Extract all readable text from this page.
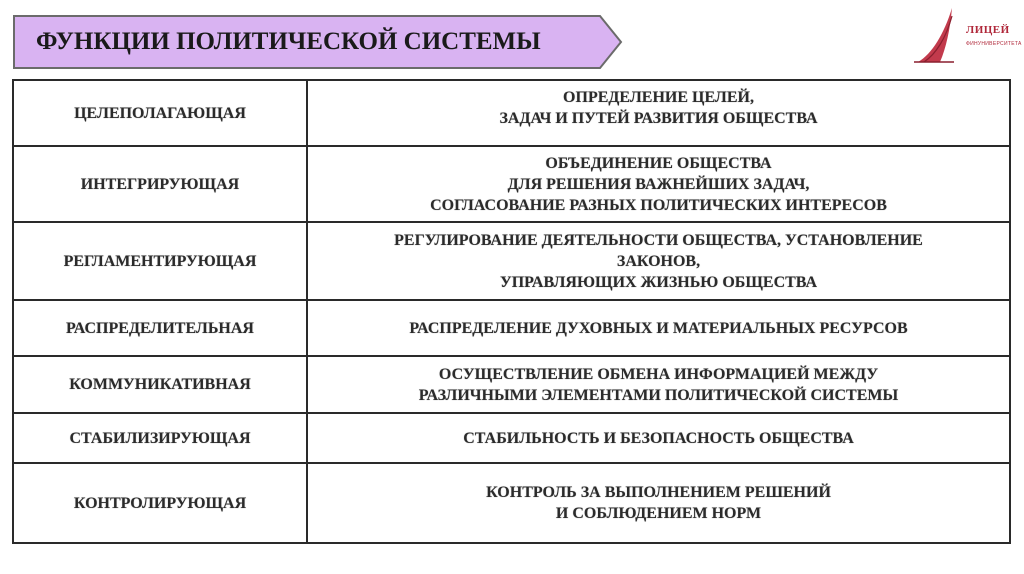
ФУНКЦИИ ПОЛИТИЧЕСКОЙ СИСТЕМЫ	ЛИЦЕЙ
ФИНУНИВЕРСИТЕТА
ЦЕЛЕПОЛАГАЮЩАЯ	ОПРЕДЕЛЕНИЕ ЦЕЛЕЙ,
ЗАДАЧ И ПУТЕЙ РАЗВИТИЯ ОБЩЕСТВА
ИНТЕГРИРУЮЩАЯ	ОБЪЕДИНЕНИЕ ОБЩЕСТВА
ДЛЯ РЕШЕНИЯ ВАЖНЕЙШИХ ЗАДАЧ,
СОГЛАСОВАНИЕ РАЗНЫХ ПОЛИТИЧЕСКИХ ИНТЕРЕСОВ
РЕГЛАМЕНТИРУЮЩАЯ	РЕГУЛИРОВАНИЕ ДЕЯТЕЛЬНОСТИ ОБЩЕСТВА, УСТАНОВЛЕНИЕ
ЗАКОНОВ,
УПРАВЛЯЮЩИХ ЖИЗНЬЮ ОБЩЕСТВА
РАСПРЕДЕЛИТЕЛЬНАЯ	РАСПРЕДЕЛЕНИЕ ДУХОВНЫХ И МАТЕРИАЛЬНЫХ РЕСУРСОВ
КОММУНИКАТИВНАЯ	ОСУЩЕСТВЛЕНИЕ ОБМЕНА ИНФОРМАЦИЕЙ МЕЖДУ
РАЗЛИЧНЫМИ ЭЛЕМЕНТАМИ ПОЛИТИЧЕСКОЙ СИСТЕМЫ
СТАБИЛИЗИРУЮЩАЯ	СТАБИЛЬНОСТЬ И БЕЗОПАСНОСТЬ ОБЩЕСТВА
КОНТРОЛИРУЮЩАЯ	КОНТРОЛЬ ЗА ВЫПОЛНЕНИЕМ РЕШЕНИЙ
И СОБЛЮДЕНИЕМ НОРМ
